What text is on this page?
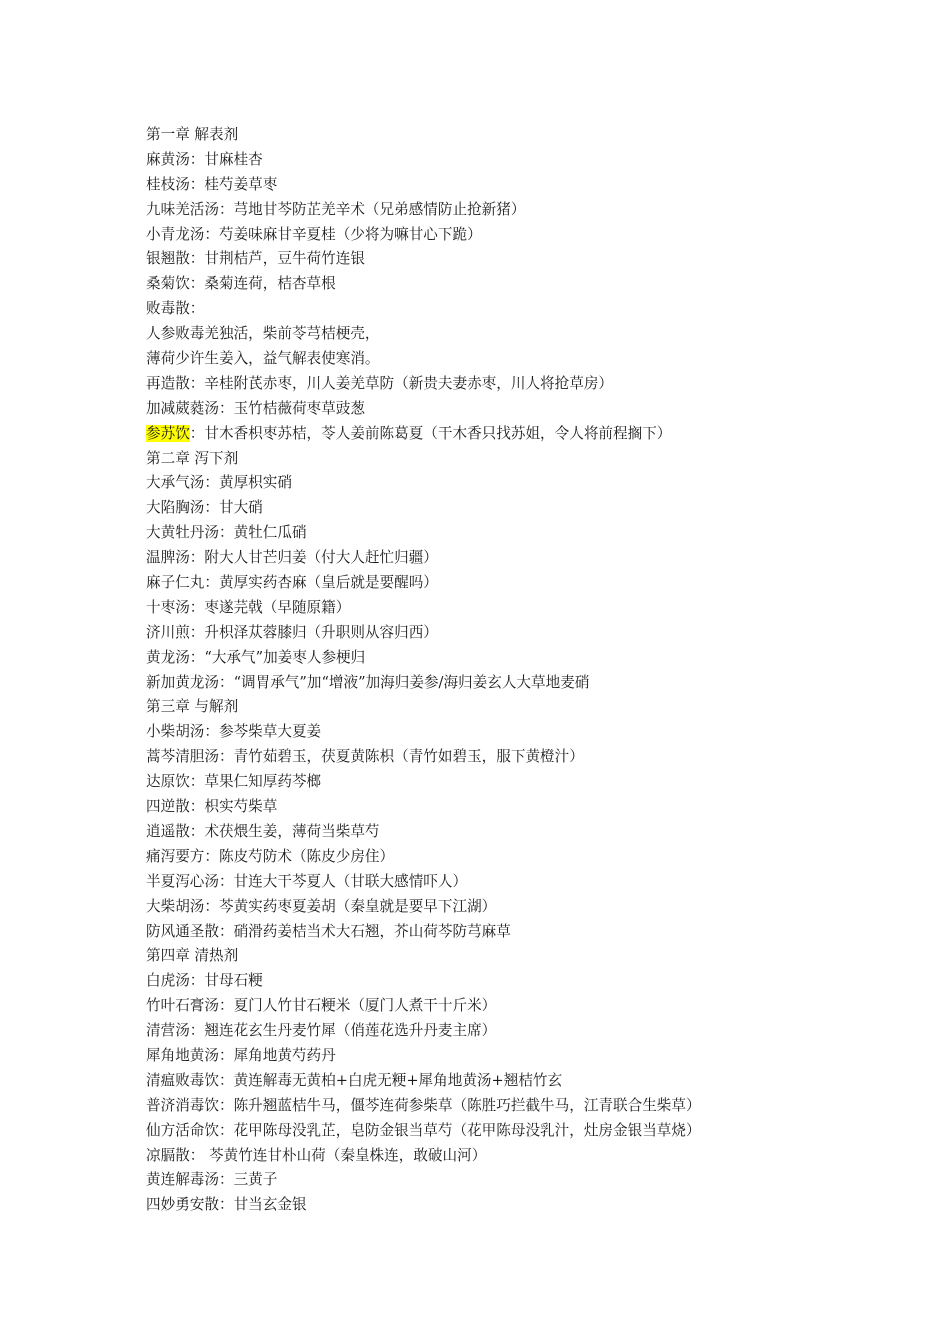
第一章 解表剂
麻黄汤：甘麻桂杏
桂枝汤：桂芍姜草枣
九味羌活汤：芎地甘芩防芷羌辛术（兄弟感情防止抢新猪）
小青龙汤：芍姜味麻甘辛夏桂（少将为嘛甘心下跪）
银翘散：甘荆桔芦，豆牛荷竹连银
桑菊饮：桑菊连荷，桔杏草根
败毒散：
人参败毒羌独活，柴前苓芎桔梗壳，
薄荷少许生姜入，益气解表使寒消。
再造散：辛桂附芪赤枣，川人姜羌草防（新贵夫妻赤枣，川人将抢草房）
加减葳蕤汤：玉竹桔薇荷枣草豉葱
参苏饮：甘木香枳枣苏桔，苓人姜前陈葛夏（干木香只找苏姐，令人将前程搁下）
第二章 泻下剂
大承气汤：黄厚枳实硝
大陷胸汤：甘大硝
大黄牡丹汤：黄牡仁瓜硝
温脾汤：附大人甘芒归姜（付大人赶忙归疆）
麻子仁丸：黄厚实药杏麻（皇后就是要醒吗）
十枣汤：枣遂芫戟（早随原籍）
济川煎：升枳泽苁蓉膝归（升职则从容归西）
黄龙汤：“大承气”加姜枣人参梗归
新加黄龙汤：“调胃承气”加“增液”加海归姜参/海归姜玄人大草地麦硝
第三章 与解剂
小柴胡汤：参芩柴草大夏姜
蒿芩清胆汤：青竹茹碧玉，茯夏黄陈枳（青竹如碧玉，服下黄橙汁）
达原饮：草果仁知厚药芩榔
四逆散：枳实芍柴草
逍遥散：术茯煨生姜，薄荷当柴草芍
痛泻要方：陈皮芍防术（陈皮少房住）
半夏泻心汤：甘连大干芩夏人（甘联大感情吓人）
大柴胡汤：芩黄实药枣夏姜胡（秦皇就是要早下江湖）
防风通圣散：硝滑药姜桔当术大石翘，芥山荷芩防芎麻草
第四章 清热剂
白虎汤：甘母石粳
竹叶石膏汤：夏门人竹甘石粳米（厦门人煮干十斤米）
清营汤：翘连花玄生丹麦竹犀（俏莲花选升丹麦主席）
犀角地黄汤：犀角地黄芍药丹
清瘟败毒饮：黄连解毒无黄柏+白虎无粳+犀角地黄汤+翘桔竹玄
普济消毒饮：陈升翘蓝桔牛马，僵芩连荷参柴草（陈胜巧拦截牛马，江青联合生柴草）
仙方活命饮：花甲陈母没乳芷，皂防金银当草芍（花甲陈母没乳汁，灶房金银当草烧）
凉膈散： 芩黄竹连甘朴山荷（秦皇株连，敢破山河）
黄连解毒汤：三黄子
四妙勇安散：甘当玄金银
